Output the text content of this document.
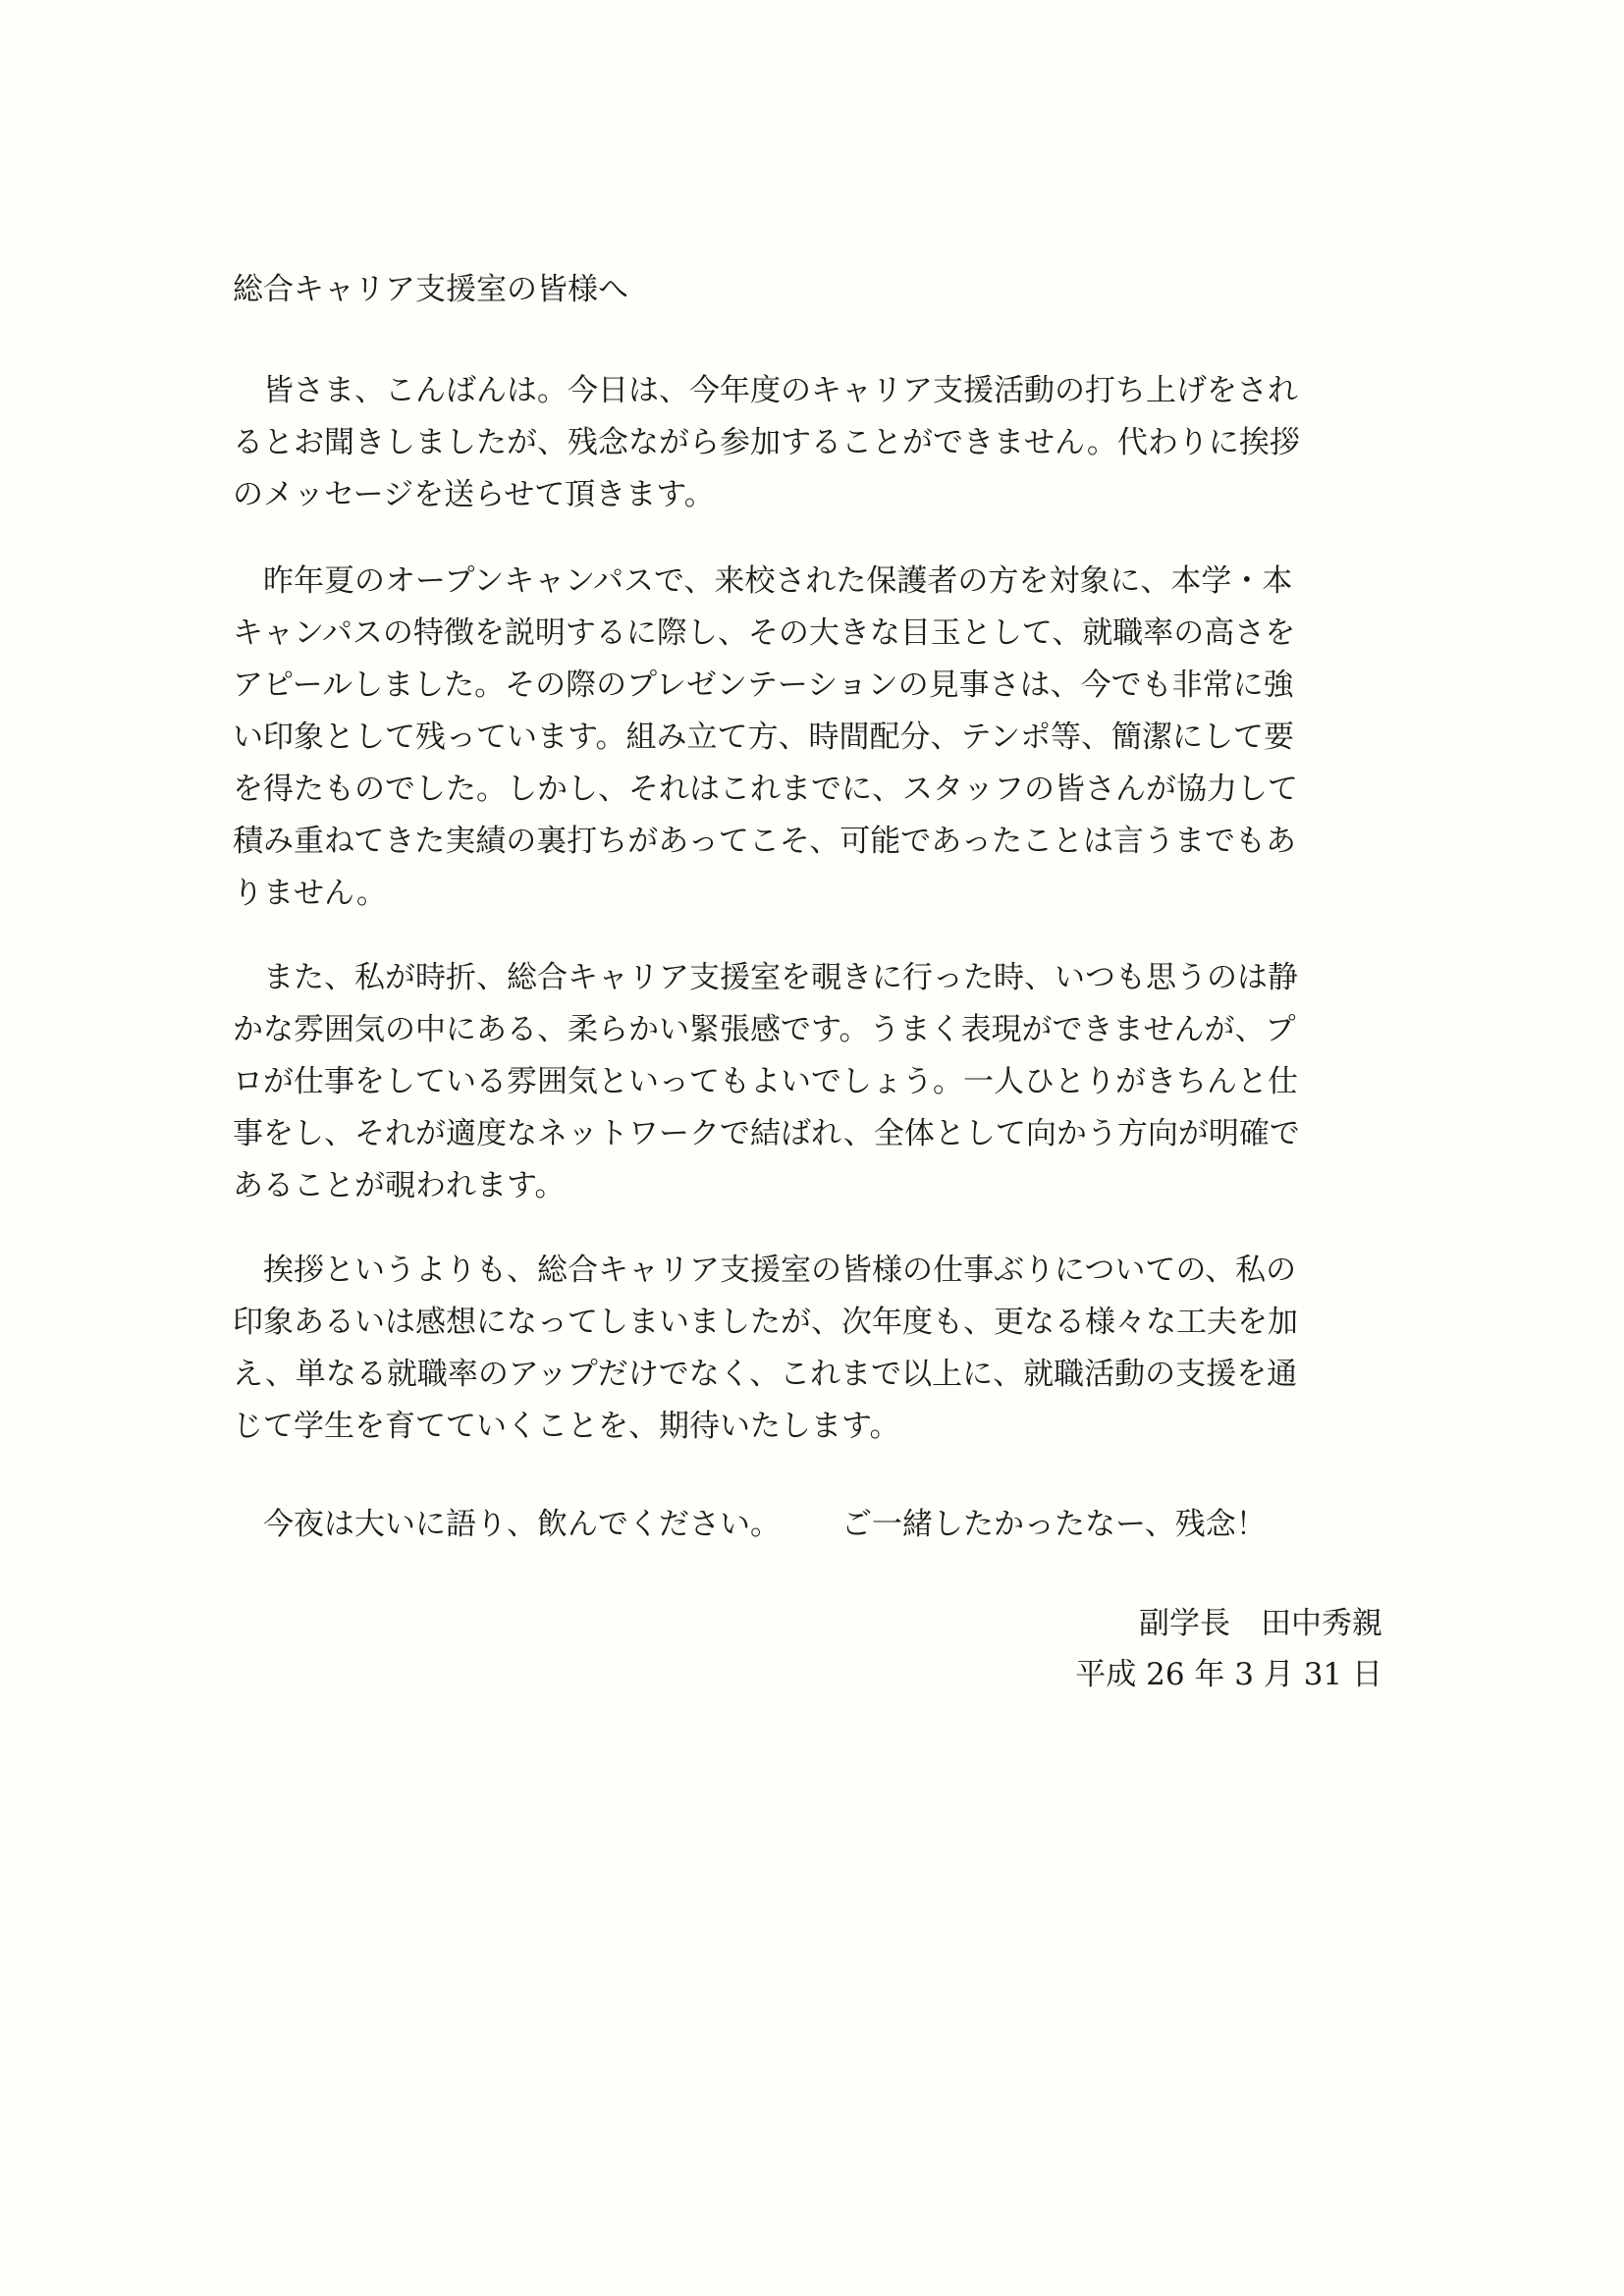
総合キャリア支援室の皆様へ
　皆さま、こんばんは。今日は、今年度のキャリア支援活動の打ち上げをされ
るとお聞きしましたが、残念ながら参加することができません。代わりに挨拶
のメッセージを送らせて頂きます。
　昨年夏のオープンキャンパスで、来校された保護者の方を対象に、本学・本
キャンパスの特徴を説明するに際し、その大きな目玉として、就職率の高さを
アピールしました。その際のプレゼンテーションの見事さは、今でも非常に強
い印象として残っています。組み立て方、時間配分、テンポ等、簡潔にして要
を得たものでした。しかし、それはこれまでに、スタッフの皆さんが協力して
積み重ねてきた実績の裏打ちがあってこそ、可能であったことは言うまでもあ
りません。
　また、私が時折、総合キャリア支援室を覗きに行った時、いつも思うのは静
かな雰囲気の中にある、柔らかい緊張感です。うまく表現ができませんが、プ
ロが仕事をしている雰囲気といってもよいでしょう。一人ひとりがきちんと仕
事をし、それが適度なネットワークで結ばれ、全体として向かう方向が明確で
あることが覗われます。
　挨拶というよりも、総合キャリア支援室の皆様の仕事ぶりについての、私の
印象あるいは感想になってしまいましたが、次年度も、更なる様々な工夫を加
え、単なる就職率のアップだけでなく、これまで以上に、就職活動の支援を通
じて学生を育てていくことを、期待いたします。
　今夜は大いに語り、飲んでください。 ご一緒したかったなー、残念！
副学長 田中秀親
平成 26 年 3 月 31 日
